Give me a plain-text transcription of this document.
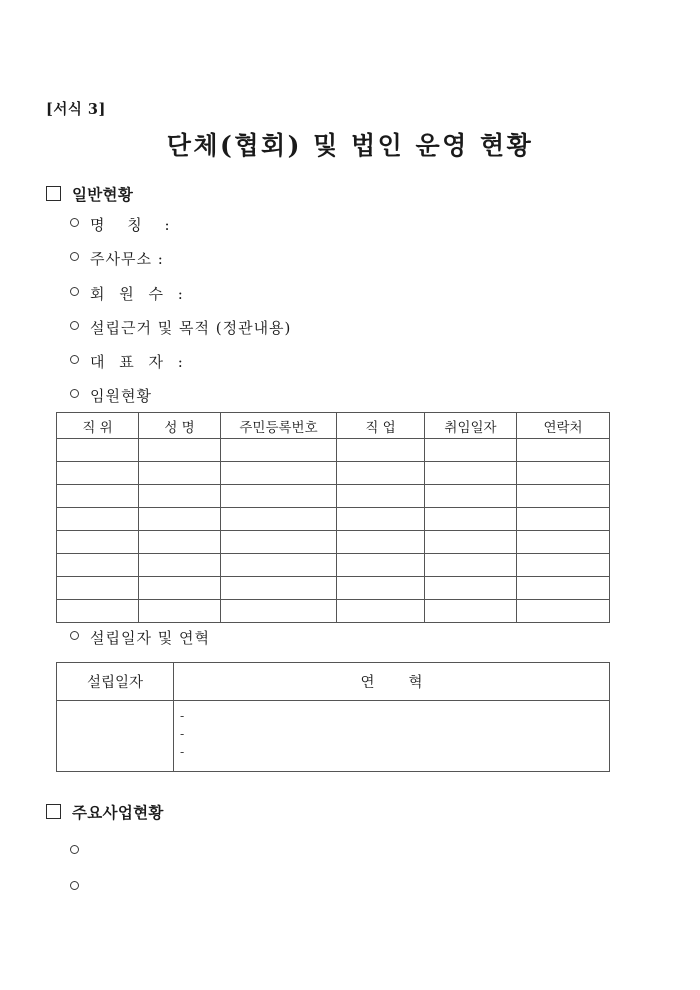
[서식 3]
단체(협회) 및 법인 운영 현황
일반현황
명 칭 :
주사무소 :
회 원 수 :
설립근거 및 목적 (정관내용)
대 표 자 :
임원현황
직 위	성 명	주민등록번호	직 업	취임일자	연락처

설립일자 및 연혁
설립일자	연혁

	-
-
-
주요사업현황
